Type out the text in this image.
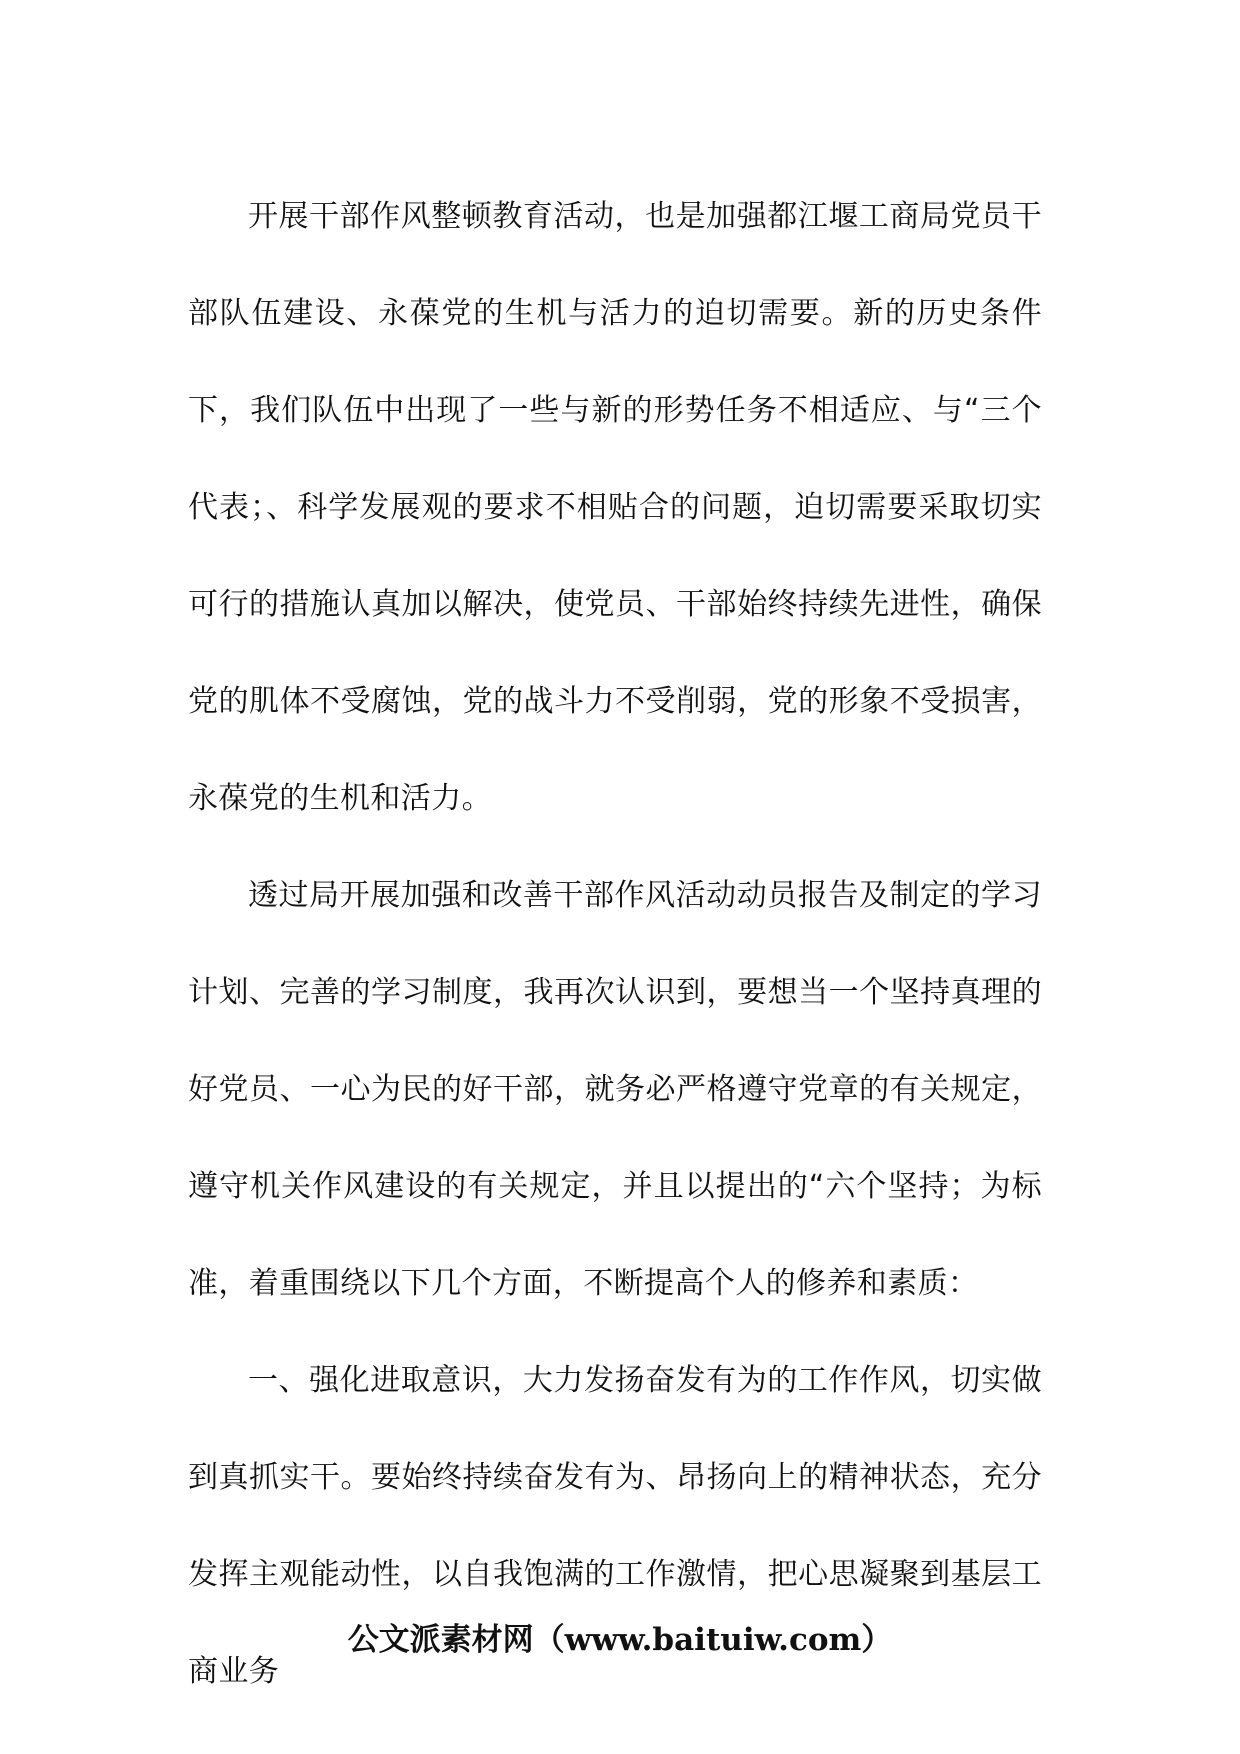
开展干部作风整顿教育活动，也是加强都江堰工商局党员干部队伍建设、永葆党的生机与活力的迫切需要。新的历史条件下，我们队伍中出现了一些与新的形势任务不相适应、与“三个代表；、科学发展观的要求不相贴合的问题，迫切需要采取切实可行的措施认真加以解决，使党员、干部始终持续先进性，确保党的肌体不受腐蚀，党的战斗力不受削弱，党的形象不受损害，永葆党的生机和活力。

透过局开展加强和改善干部作风活动动员报告及制定的学习计划、完善的学习制度，我再次认识到，要想当一个坚持真理的好党员、一心为民的好干部，就务必严格遵守党章的有关规定，遵守机关作风建设的有关规定，并且以提出的“六个坚持；为标准，着重围绕以下几个方面，不断提高个人的修养和素质：

一、强化进取意识，大力发扬奋发有为的工作作风，切实做到真抓实干。要始终持续奋发有为、昂扬向上的精神状态，充分发挥主观能动性，以自我饱满的工作激情，把心思凝聚到基层工商业务

公文派素材网（www.baituiw.com）
